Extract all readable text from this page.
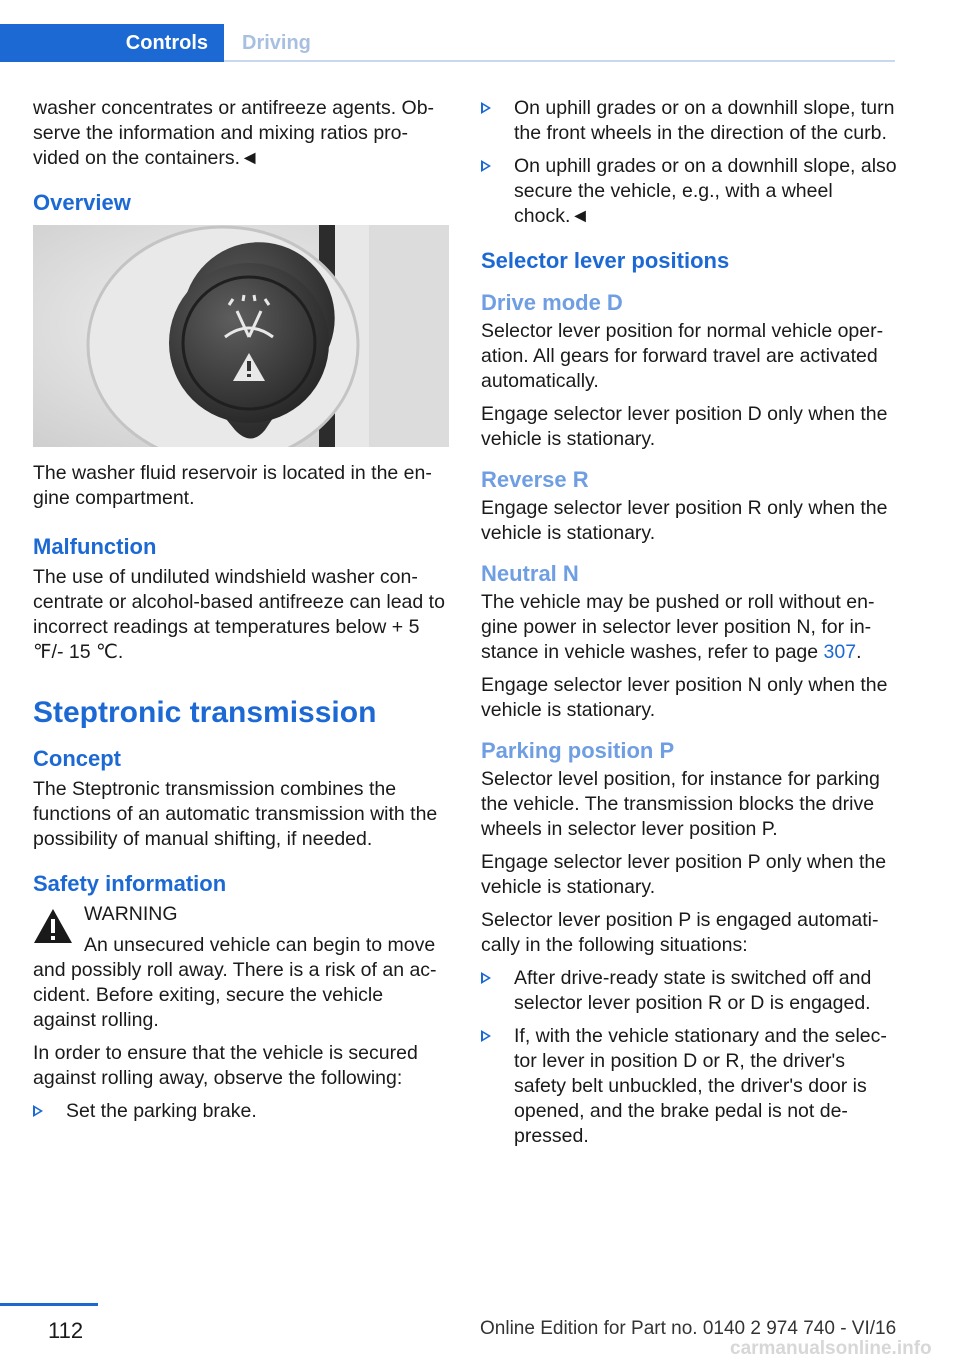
Controls	Driving

washer concentrates or antifreeze agents. Ob-serve the information and mixing ratios pro-vided on the containers.◄

Overview

The washer fluid reservoir is located in the en-gine compartment.

Malfunction

The use of undiluted windshield washer con-centrate or alcohol-based antifreeze can lead to incorrect readings at temperatures below + 5 ℉/- 15 ℃.

Steptronic transmission
Concept

The Steptronic transmission combines the functions of an automatic transmission with the possibility of manual shifting, if needed.

Safety information

WARNING

An unsecured vehicle can begin to move and possibly roll away. There is a risk of an ac-cident. Before exiting, secure the vehicle against rolling.

In order to ensure that the vehicle is secured against rolling away, observe the following:

Set the parking brake.
On uphill grades or on a downhill slope, turn the front wheels in the direction of the curb.
On uphill grades or on a downhill slope, also secure the vehicle, e.g., with a wheel chock.◄
Selector lever positions
Drive mode D

Selector lever position for normal vehicle oper-ation. All gears for forward travel are activated automatically.

Engage selector lever position D only when the vehicle is stationary.

Reverse R

Engage selector lever position R only when the vehicle is stationary.

Neutral N

The vehicle may be pushed or roll without en-gine power in selector lever position N, for in-stance in vehicle washes, refer to page 307.

Engage selector lever position N only when the vehicle is stationary.

Parking position P

Selector level position, for instance for parking the vehicle. The transmission blocks the drive wheels in selector lever position P.

Engage selector lever position P only when the vehicle is stationary.

Selector lever position P is engaged automati-cally in the following situations:

After drive-ready state is switched off and selector lever position R or D is engaged.
If, with the vehicle stationary and the selec-tor lever in position D or R, the driver's safety belt unbuckled, the driver's door is opened, and the brake pedal is not de-pressed.
112	Online Edition for Part no. 0140 2 974 740 - VI/16
carmanualsonline.info
